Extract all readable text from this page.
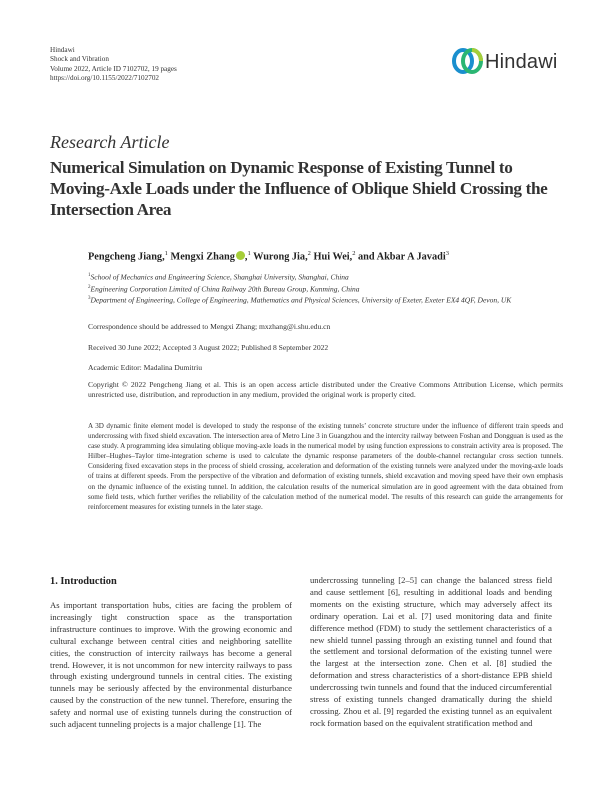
Hindawi
Shock and Vibration
Volume 2022, Article ID 7102702, 19 pages
https://doi.org/10.1155/2022/7102702
Hindawi
Research Article
Numerical Simulation on Dynamic Response of Existing Tunnel to Moving-Axle Loads under the Influence of Oblique Shield Crossing the Intersection Area
Pengcheng Jiang,$^1$ Mengxi Zhang ,$^1$ Wurong Jia,$^2$ Hui Wei,$^2$ and Akbar A Javadi$^3$
$^1$School of Mechanics and Engineering Science, Shanghai University, Shanghai, China
$^2$Engineering Corporation Limited of China Railway 20th Bureau Group, Kunming, China
$^3$Department of Engineering, College of Engineering, Mathematics and Physical Sciences, University of Exeter, Exeter EX4 4QF, Devon, UK
Correspondence should be addressed to Mengxi Zhang; mxzhang@i.shu.edu.cn
Received 30 June 2022; Accepted 3 August 2022; Published 8 September 2022
Academic Editor: Madalina Dumitriu
Copyright © 2022 Pengcheng Jiang et al. This is an open access article distributed under the Creative Commons Attribution License, which permits unrestricted use, distribution, and reproduction in any medium, provided the original work is properly cited.
A 3D dynamic finite element model is developed to study the response of the existing tunnels’ concrete structure under the influence of different train speeds and undercrossing with fixed shield excavation. The intersection area of Metro Line 3 in Guangzhou and the intercity railway between Foshan and Dongguan is used as the case study. A programming idea simulating oblique moving-axle loads in the numerical model by using function expressions to constrain activity area is proposed. The Hilber–Hughes–Taylor time-integration scheme is used to calculate the dynamic response parameters of the double-channel rectangular cross section tunnels. Considering fixed excavation steps in the process of shield crossing, acceleration and deformation of the existing tunnels were analyzed under the moving-axle loads of trains at different speeds. From the perspective of the vibration and deformation of existing tunnels, shield excavation and moving speed have their own emphasis on the dynamic influence of the existing tunnel. In addition, the calculation results of the numerical simulation are in good agreement with the data obtained from some field tests, which further verifies the reliability of the calculation method of the numerical model. The results of this research can guide the arrangements for reinforcement measures for existing tunnels in the later stage.
1. Introduction
As important transportation hubs, cities are facing the problem of increasingly tight construction space as the transportation infrastructure continues to improve. With the growing economic and cultural exchange between central cities and neighboring satellite cities, the construction of intercity railways has become a general trend. However, it is not uncommon for new intercity railways to pass through existing underground tunnels in central cities. The existing tunnels may be seriously affected by the environmental disturbance caused by the construction of the new tunnel. Therefore, ensuring the safety and normal use of existing tunnels during the construction of such adjacent tunneling projects is a major challenge [1]. The
undercrossing tunneling [2–5] can change the balanced stress field and cause settlement [6], resulting in additional loads and bending moments on the existing structure, which may adversely affect its ordinary operation. Lai et al. [7] used monitoring data and finite difference method (FDM) to study the settlement characteristics of a new shield tunnel passing through an existing tunnel and found that the settlement and torsional deformation of the existing tunnel were the largest at the intersection zone. Chen et al. [8] studied the deformation and stress characteristics of a short-distance EPB shield undercrossing twin tunnels and found that the induced circumferential stress of existing tunnels changed dramatically during the shield crossing. Zhou et al. [9] regarded the existing tunnel as an equivalent rock formation based on the equivalent stratification method and
